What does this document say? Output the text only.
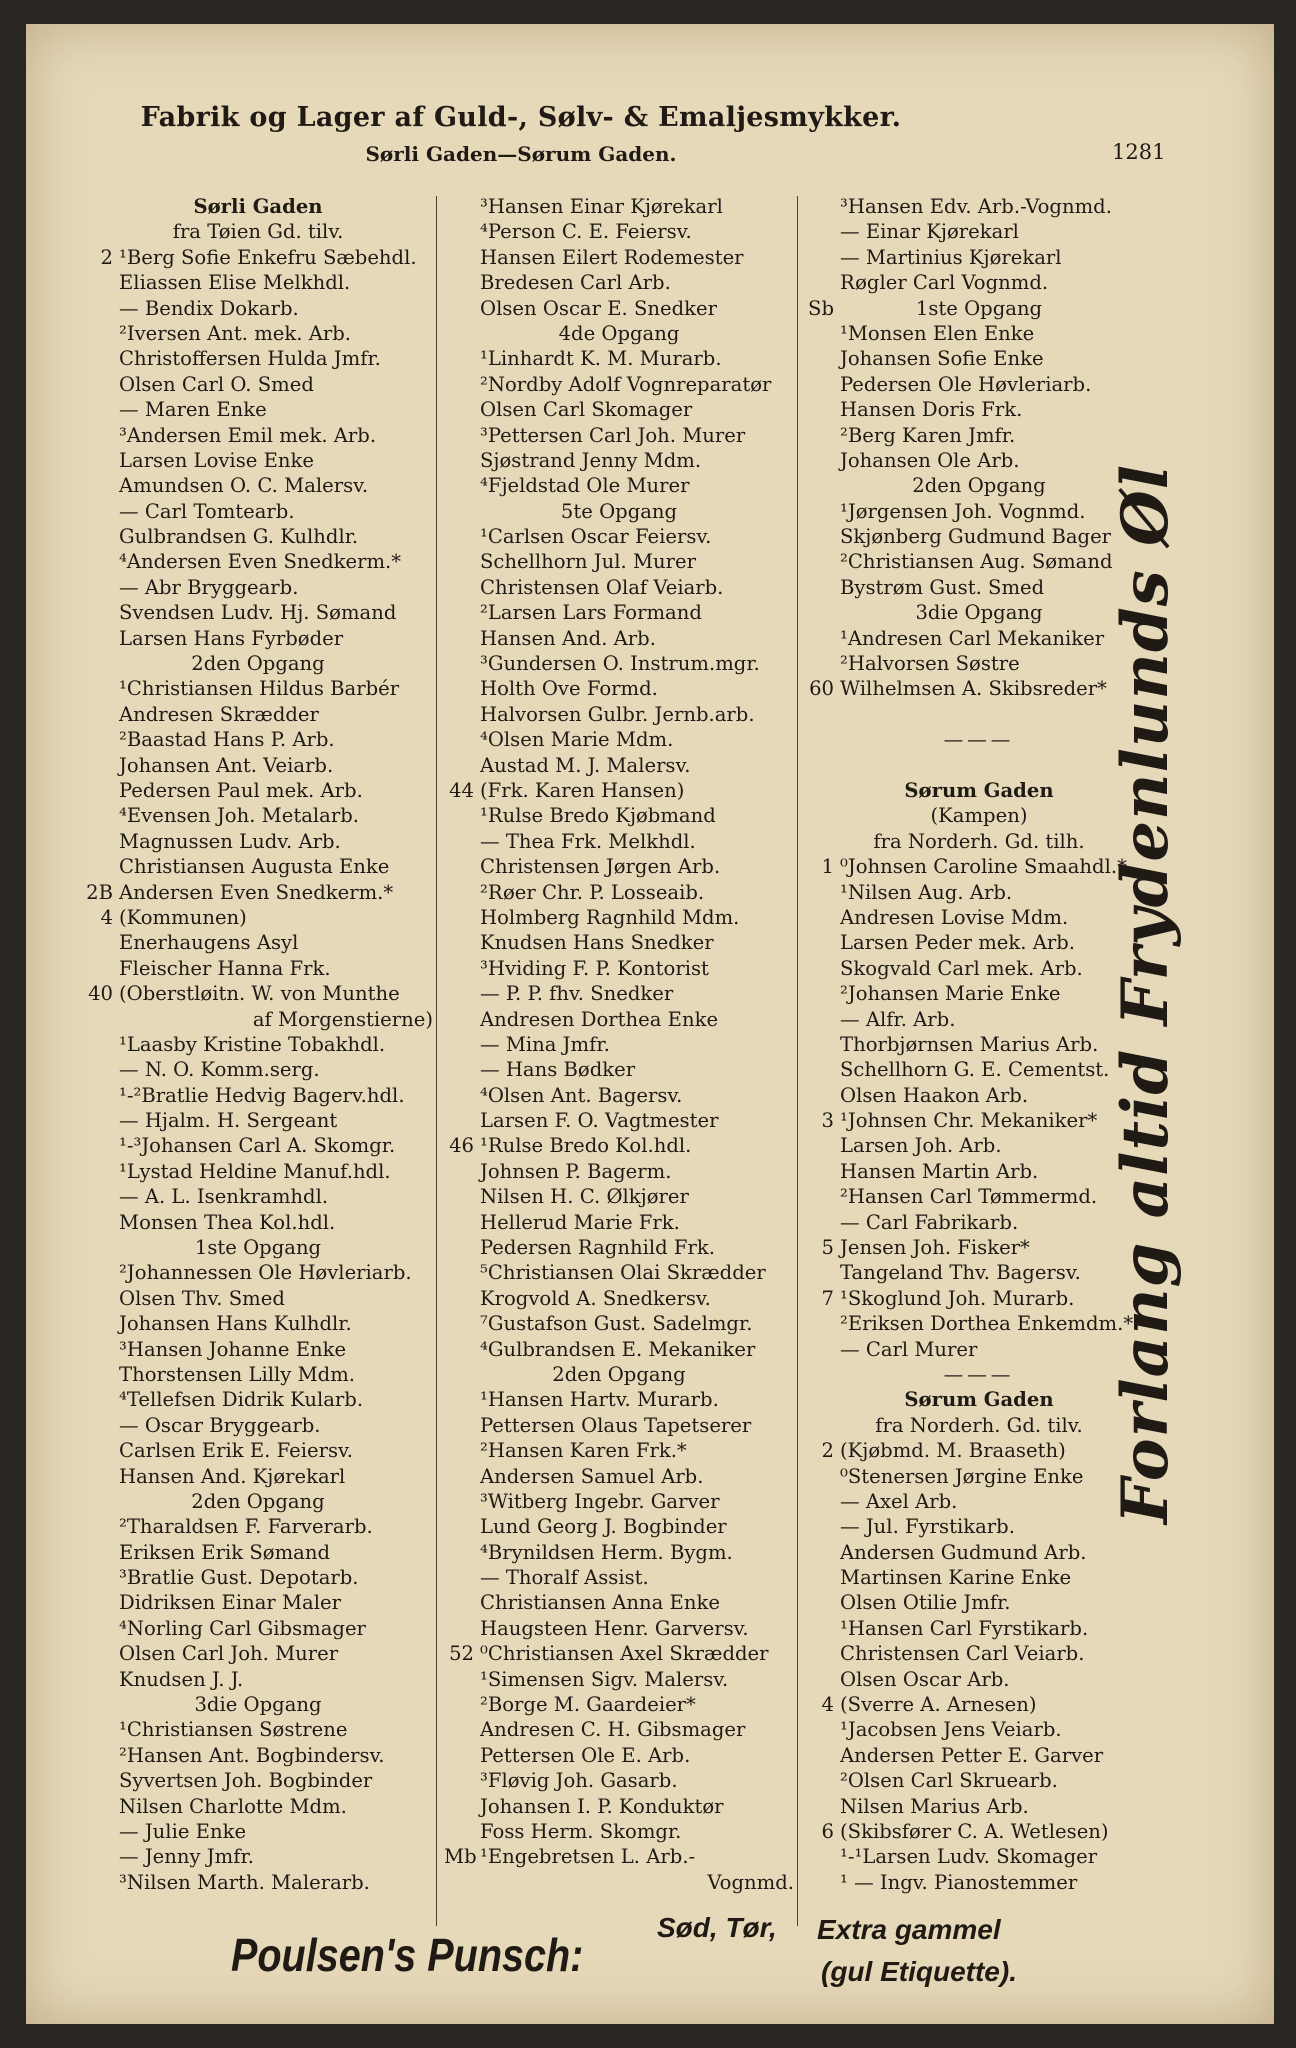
Fabrik og Lager af Guld-, Sølv- & Emaljesmykker.
Sørli Gaden—Sørum Gaden.	1281
Sørli Gaden
fra Tøien Gd. tilv.
2 ¹Berg Sofie Enkefru Sæbehdl.
Eliassen Elise Melkhdl.
— Bendix Dokarb.
²Iversen Ant. mek. Arb.
Christoffersen Hulda Jmfr.
Olsen Carl O. Smed
— Maren Enke
³Andersen Emil mek. Arb.
Larsen Lovise Enke
Amundsen O. C. Malersv.
— Carl Tomtearb.
Gulbrandsen G. Kulhdlr.
⁴Andersen Even Snedkerm.*
— Abr Bryggearb.
Svendsen Ludv. Hj. Sømand
Larsen Hans Fyrbøder
2den Opgang
¹Christiansen Hildus Barbér
Andresen Skrædder
²Baastad Hans P. Arb.
Johansen Ant. Veiarb.
Pedersen Paul mek. Arb.
⁴Evensen Joh. Metalarb.
Magnussen Ludv. Arb.
Christiansen Augusta Enke
2B Andersen Even Snedkerm.*
4 (Kommunen)
Enerhaugens Asyl
Fleischer Hanna Frk.
40 (Oberstløitn. W. von Munthe
af Morgenstierne)
¹Laasby Kristine Tobakhdl.
— N. O. Komm.serg.
¹-²Bratlie Hedvig Bagerv.hdl.
— Hjalm. H. Sergeant
¹-³Johansen Carl A. Skomgr.
¹Lystad Heldine Manuf.hdl.
— A. L. Isenkramhdl.
Monsen Thea Kol.hdl.
1ste Opgang
²Johannessen Ole Høvleriarb.
Olsen Thv. Smed
Johansen Hans Kulhdlr.
³Hansen Johanne Enke
Thorstensen Lilly Mdm.
⁴Tellefsen Didrik Kularb.
— Oscar Bryggearb.
Carlsen Erik E. Feiersv.
Hansen And. Kjørekarl
2den Opgang
²Tharaldsen F. Farverarb.
Eriksen Erik Sømand
³Bratlie Gust. Depotarb.
Didriksen Einar Maler
⁴Norling Carl Gibsmager
Olsen Carl Joh. Murer
Knudsen J. J.
3die Opgang
¹Christiansen Søstrene
²Hansen Ant. Bogbindersv.
Syvertsen Joh. Bogbinder
Nilsen Charlotte Mdm.
— Julie Enke
— Jenny Jmfr.
³Nilsen Marth. Malerarb.
³Hansen Einar Kjørekarl
⁴Person C. E. Feiersv.
Hansen Eilert Rodemester
Bredesen Carl Arb.
Olsen Oscar E. Snedker
4de Opgang
¹Linhardt K. M. Murarb.
²Nordby Adolf Vognreparatør
Olsen Carl Skomager
³Pettersen Carl Joh. Murer
Sjøstrand Jenny Mdm.
⁴Fjeldstad Ole Murer
5te Opgang
¹Carlsen Oscar Feiersv.
Schellhorn Jul. Murer
Christensen Olaf Veiarb.
²Larsen Lars Formand
Hansen And. Arb.
³Gundersen O. Instrum.mgr.
Holth Ove Formd.
Halvorsen Gulbr. Jernb.arb.
⁴Olsen Marie Mdm.
Austad M. J. Malersv.
44 (Frk. Karen Hansen)
¹Rulse Bredo Kjøbmand
— Thea Frk. Melkhdl.
Christensen Jørgen Arb.
²Røer Chr. P. Losseaib.
Holmberg Ragnhild Mdm.
Knudsen Hans Snedker
³Hviding F. P. Kontorist
— P. P. fhv. Snedker
Andresen Dorthea Enke
— Mina Jmfr.
— Hans Bødker
⁴Olsen Ant. Bagersv.
Larsen F. O. Vagtmester
46 ¹Rulse Bredo Kol.hdl.
Johnsen P. Bagerm.
Nilsen H. C. Ølkjører
Hellerud Marie Frk.
Pedersen Ragnhild Frk.
⁵Christiansen Olai Skrædder
Krogvold A. Snedkersv.
⁷Gustafson Gust. Sadelmgr.
⁴Gulbrandsen E. Mekaniker
2den Opgang
¹Hansen Hartv. Murarb.
Pettersen Olaus Tapetserer
²Hansen Karen Frk.*
Andersen Samuel Arb.
³Witberg Ingebr. Garver
Lund Georg J. Bogbinder
⁴Brynildsen Herm. Bygm.
— Thoralf Assist.
Christiansen Anna Enke
Haugsteen Henr. Garversv.
52 ⁰Christiansen Axel Skrædder
¹Simensen Sigv. Malersv.
²Borge M. Gaardeier*
Andresen C. H. Gibsmager
Pettersen Ole E. Arb.
³Fløvig Joh. Gasarb.
Johansen I. P. Konduktør
Foss Herm. Skomgr.
Mb ¹Engebretsen L. Arb.-
Vognmd.
³Hansen Edv. Arb.-Vognmd.
— Einar Kjørekarl
— Martinius Kjørekarl
Røgler Carl Vognmd.
Sb	1ste Opgang
¹Monsen Elen Enke
Johansen Sofie Enke
Pedersen Ole Høvleriarb.
Hansen Doris Frk.
²Berg Karen Jmfr.
Johansen Ole Arb.
2den Opgang
¹Jørgensen Joh. Vognmd.
Skjønberg Gudmund Bager
²Christiansen Aug. Sømand
Bystrøm Gust. Smed
3die Opgang
¹Andresen Carl Mekaniker
²Halvorsen Søstre
60 Wilhelmsen A. Skibsreder*
———
Sørum Gaden
(Kampen)
fra Norderh. Gd. tilh.
1 ⁰Johnsen Caroline Smaahdl.*
¹Nilsen Aug. Arb.
Andresen Lovise Mdm.
Larsen Peder mek. Arb.
Skogvald Carl mek. Arb.
²Johansen Marie Enke
— Alfr. Arb.
Thorbjørnsen Marius Arb.
Schellhorn G. E. Cementst.
Olsen Haakon Arb.
3 ¹Johnsen Chr. Mekaniker*
Larsen Joh. Arb.
Hansen Martin Arb.
²Hansen Carl Tømmermd.
— Carl Fabrikarb.
5 Jensen Joh. Fisker*
Tangeland Thv. Bagersv.
7 ¹Skoglund Joh. Murarb.
²Eriksen Dorthea Enkemdm.*
— Carl Murer
———
Sørum Gaden
fra Norderh. Gd. tilv.
2 (Kjøbmd. M. Braaseth)
⁰Stenersen Jørgine Enke
— Axel Arb.
— Jul. Fyrstikarb.
Andersen Gudmund Arb.
Martinsen Karine Enke
Olsen Otilie Jmfr.
¹Hansen Carl Fyrstikarb.
Christensen Carl Veiarb.
Olsen Oscar Arb.
4 (Sverre A. Arnesen)
¹Jacobsen Jens Veiarb.
Andersen Petter E. Garver
²Olsen Carl Skruearb.
Nilsen Marius Arb.
6 (Skibsfører C. A. Wetlesen)
¹-¹Larsen Ludv. Skomager
¹ — Ingv. Pianostemmer
Forlang altid Frydenlunds Øl
Poulsen's Punsch:
Sød, Tør, Extra gammel
(gul Etiquette).
